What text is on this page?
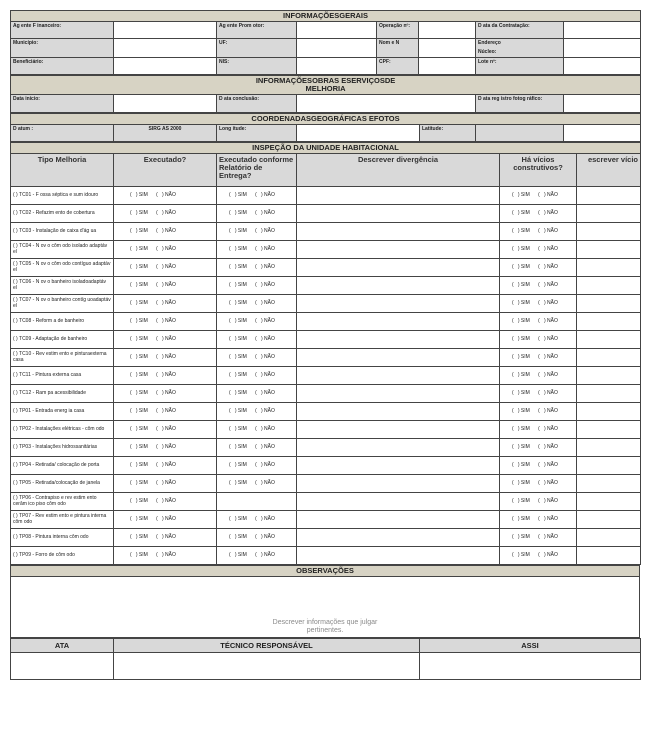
INFORMAÇÕESGERAIS							
Ag ente F inanceiro:		Ag ente Prom otor:		Operação nº:		D ata da Contratação:	
Município:		UF:		Nom e N		Endereço
Núcleo:	

Beneficiário:		NIS:		CPF:		Lote nº:	
INFORMAÇÕESOBRAS ESERVIÇOSDE
MELHORIA

Data início:		D ata conclusão:		D ata reg istro fotog ráfico:	
COORDENADASGEOGRÁFICAS EFOTOS
D atum :	SIRG AS 2000	Long itude:		Latitude:		
INSPEÇÃO DA UNIDADE HABITACIONAL					
Tipo Melhoria	Executado?	Executado conforme Relatório de Entrega?	Descrever divergência	Há vícios construtivos?	escrever vício
( ) TC01 - F ossa séptica e sum idouro	(   ) SIM      (   ) NÃO	(   ) SIM      (   ) NÃO		(   ) SIM      (   ) NÃO	
( ) TC02 - Refazim ento de cobertura	(   ) SIM      (   ) NÃO	(   ) SIM      (   ) NÃO		(   ) SIM      (   ) NÃO	
( ) TC03 - Instalação de caixa d'ág ua	(   ) SIM      (   ) NÃO	(   ) SIM      (   ) NÃO		(   ) SIM      (   ) NÃO	
( ) TC04 - N ov o côm odo isolado adaptáv el	(   ) SIM      (   ) NÃO	(   ) SIM      (   ) NÃO		(   ) SIM      (   ) NÃO	
( ) TC05 - N ov o côm odo contíguo adaptáv el	(   ) SIM      (   ) NÃO	(   ) SIM      (   ) NÃO		(   ) SIM      (   ) NÃO	
( ) TC06 - N ov o banheiro isoladoadaptáv el	(   ) SIM      (   ) NÃO	(   ) SIM      (   ) NÃO		(   ) SIM      (   ) NÃO	
( ) TC07 - N ov o banheiro contíg uoadaptáv el	(   ) SIM      (   ) NÃO	(   ) SIM      (   ) NÃO		(   ) SIM      (   ) NÃO	
( ) TC08 - Reform a de banheiro	(   ) SIM      (   ) NÃO	(   ) SIM      (   ) NÃO		(   ) SIM      (   ) NÃO	
( ) TC09 - Adaptação de banheiro	(   ) SIM      (   ) NÃO	(   ) SIM      (   ) NÃO		(   ) SIM      (   ) NÃO	
( ) TC10 - Rev estim ento e pinturaexterna casa	(   ) SIM      (   ) NÃO	(   ) SIM      (   ) NÃO		(   ) SIM      (   ) NÃO	
( ) TC11 - Pintura externa casa	(   ) SIM      (   ) NÃO	(   ) SIM      (   ) NÃO		(   ) SIM      (   ) NÃO	
( ) TC12 - Ram pa acessibilidade	(   ) SIM      (   ) NÃO	(   ) SIM      (   ) NÃO		(   ) SIM      (   ) NÃO	
( ) TP01 - Entrada energ ia casa	(   ) SIM      (   ) NÃO	(   ) SIM      (   ) NÃO		(   ) SIM      (   ) NÃO	
( ) TP02 - Instalações elétricas - côm odo	(   ) SIM      (   ) NÃO	(   ) SIM      (   ) NÃO		(   ) SIM      (   ) NÃO	
( ) TP03 - Instalações hidrossanitárias	(   ) SIM      (   ) NÃO	(   ) SIM      (   ) NÃO		(   ) SIM      (   ) NÃO	
( ) TP04 - Retirada/ colocação de porta	(   ) SIM      (   ) NÃO	(   ) SIM      (   ) NÃO		(   ) SIM      (   ) NÃO	
( ) TP05 - Retirada/colocação de janela	(   ) SIM      (   ) NÃO	(   ) SIM      (   ) NÃO		(   ) SIM      (   ) NÃO	
( ) TP06 - Contrapiso e rev estim ento cerâm ico piso côm odo	(   ) SIM      (   ) NÃO			(   ) SIM      (   ) NÃO	
( ) TP07 - Rev estim ento e pintura interna côm odo	(   ) SIM      (   ) NÃO	(   ) SIM      (   ) NÃO		(   ) SIM      (   ) NÃO	
( ) TP08 - Pintura interna côm odo	(   ) SIM      (   ) NÃO	(   ) SIM      (   ) NÃO		(   ) SIM      (   ) NÃO	
( ) TP09 - Forro de côm odo	(   ) SIM      (   ) NÃO	(   ) SIM      (   ) NÃO		(   ) SIM      (   ) NÃO	
OBSERVAÇÕES

Descrever informações que julgar
pertinentes.
ATA	TÉCNICO RESPONSÁVEL	ASSI
